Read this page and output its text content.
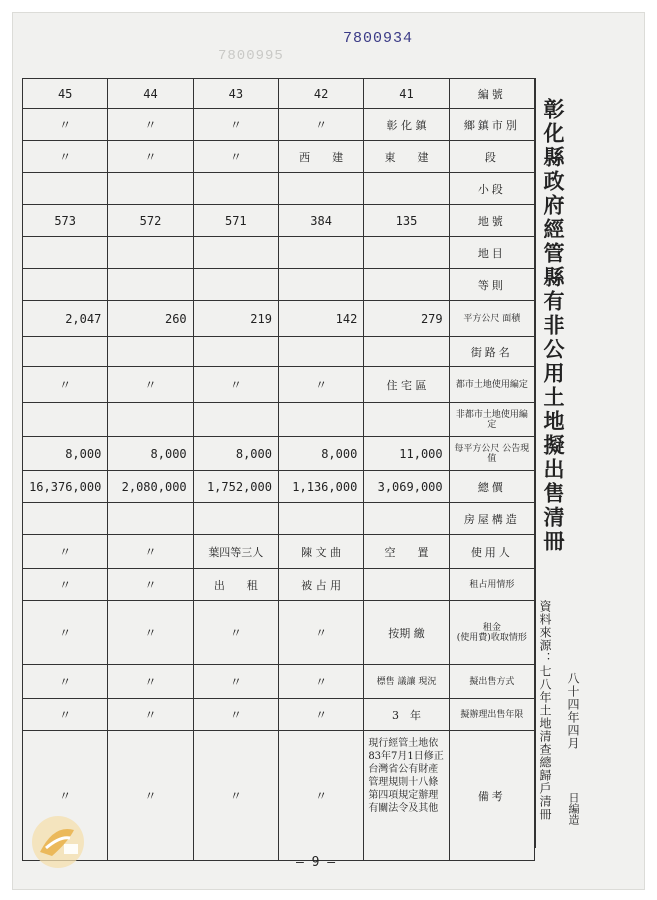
7800934
7800995
45	44	43	42	41	編號
〃	〃	〃	〃	彰 化 鎮	鄉鎮市別
〃	〃	〃	西　　建	東　　建	段
					小段
573	572	571	384	135	地號
					地目
					等則
2,047	260	219	142	279	平方公尺 面積
					街路名
〃	〃	〃	〃	住 宅 區	都市土地使用編定
					非都市土地使用編定
8,000	8,000	8,000	8,000	11,000	每平方公尺 公告現值
16,376,000	2,080,000	1,752,000	1,136,000	3,069,000	總價
					房屋構造
〃	〃	葉四等三人	陳 文 曲	空　　置	使用人
〃	〃	出　　租	被 占 用		租占用情形
〃	〃	〃	〃	按期 繳	租金
(使用費)收取情形
〃	〃	〃	〃	標售 議讓 現況	擬出售方式
〃	〃	〃	〃	3　年	擬辦理出售年限
〃	〃	〃	〃	現行經管土地依83年7月1日修正台灣省公有財產管理規則十八條第四項規定辦理有關法令及其他	備考
彰化縣政府經管縣有非公用土地擬出售清冊
資料來源：七八年土地清查總歸戶清冊 八十四年四月
日編造
— 9 —
